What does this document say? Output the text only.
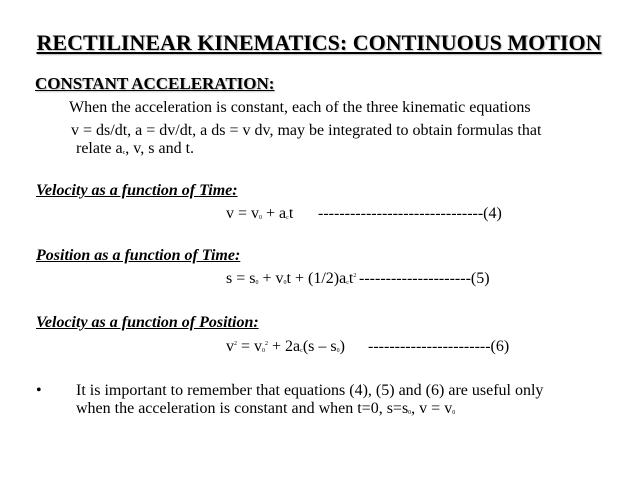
RECTILINEAR KINEMATICS: CONTINUOUS MOTION
CONSTANT ACCELERATION:
When the acceleration is constant, each of the three kinematic equations
v = ds/dt, a = dv/dt, a ds = v dv, may be integrated to obtain formulas that
relate $a_c$, v, s and t.
Velocity as a function of Time:
$v = v_0 + a_ct$ -------------------------------(4)
Position as a function of Time:
$s = s_0 + v_0t + (1/2)a_ct^2$ ---------------------(5)
Velocity as a function of Position:
$v^2 = v_0^2 + 2a_c(s - s_0)$ -----------------------(6)
• It is important to remember that equations (4), (5) and (6) are useful only
when the acceleration is constant and when t=0, $s=s_0$, $v = v_0$
